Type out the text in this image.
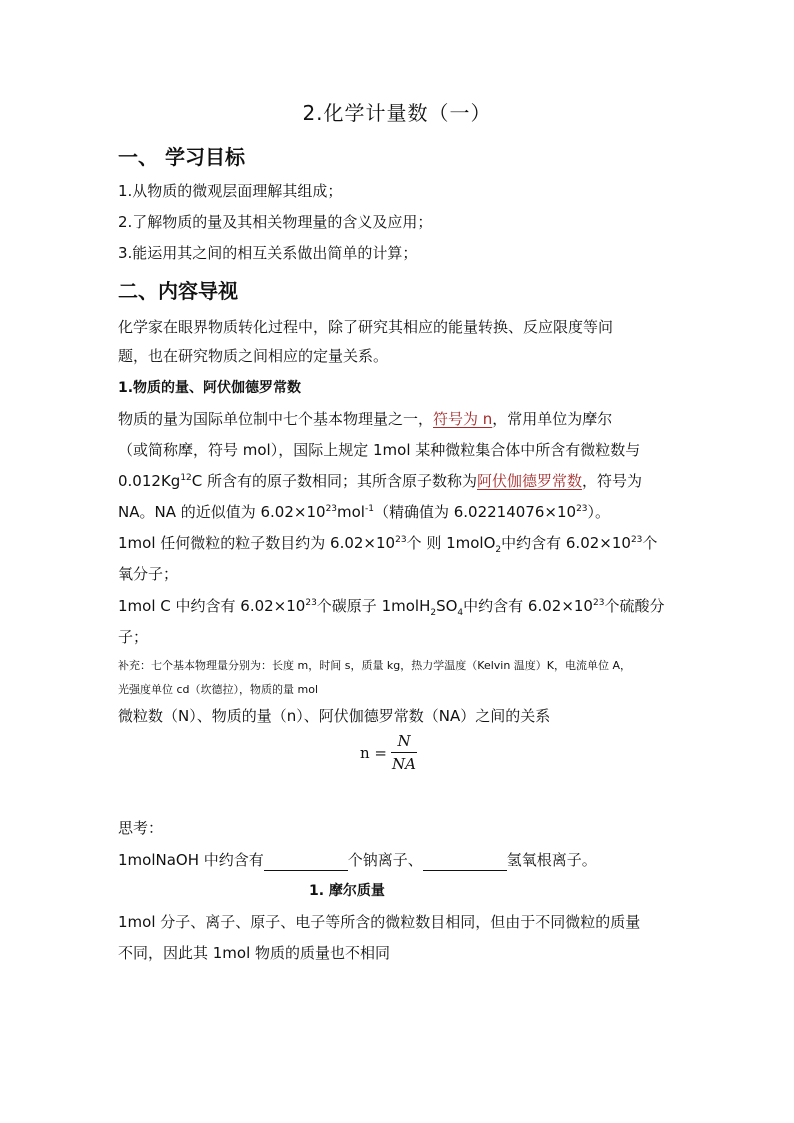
2.化学计量数（一）
一、 学习目标
1.从物质的微观层面理解其组成；
2.了解物质的量及其相关物理量的含义及应用；
3.能运用其之间的相互关系做出简单的计算；
二、内容导视
化学家在眼界物质转化过程中，除了研究其相应的能量转换、反应限度等问
题，也在研究物质之间相应的定量关系。
1.物质的量、阿伏伽德罗常数
物质的量为国际单位制中七个基本物理量之一，符号为 n，常用单位为摩尔
（或简称摩，符号 mol），国际上规定 1mol 某种微粒集合体中所含有微粒数与
0.012Kg$^{12}$C 所含有的原子数相同；其所含原子数称为阿伏伽德罗常数，符号为
NA。NA 的近似值为 $6.02\times 10^{23}mol^{-1}$（精确值为 $6.02214076\times 10^{23}$）。
1mol 任何微粒的粒子数目约为 $6.02\times 10^{23}$个 则 1molO$_2$中约含有 $6.02\times 10^{23}$个
氧分子；
1mol C 中约含有 $6.02\times 10^{23}$个碳原子 $1molH_2SO_4$中约含有 $6.02\times 10^{23}$个硫酸分
子；
补充：七个基本物理量分别为：长度 m，时间 s，质量 kg，热力学温度（Kelvin 温度）K，电流单位 A，
光强度单位 cd（坎德拉），物质的量 mol
微粒数（N）、物质的量（n）、阿伏伽德罗常数（NA）之间的关系
$n = \frac{N}{NA}$
思考：
1molNaOH 中约含有	个钠离子、	氢氧根离子。
1. 摩尔质量
1mol 分子、离子、原子、电子等所含的微粒数目相同，但由于不同微粒的质量
不同，因此其 1mol 物质的质量也不相同
